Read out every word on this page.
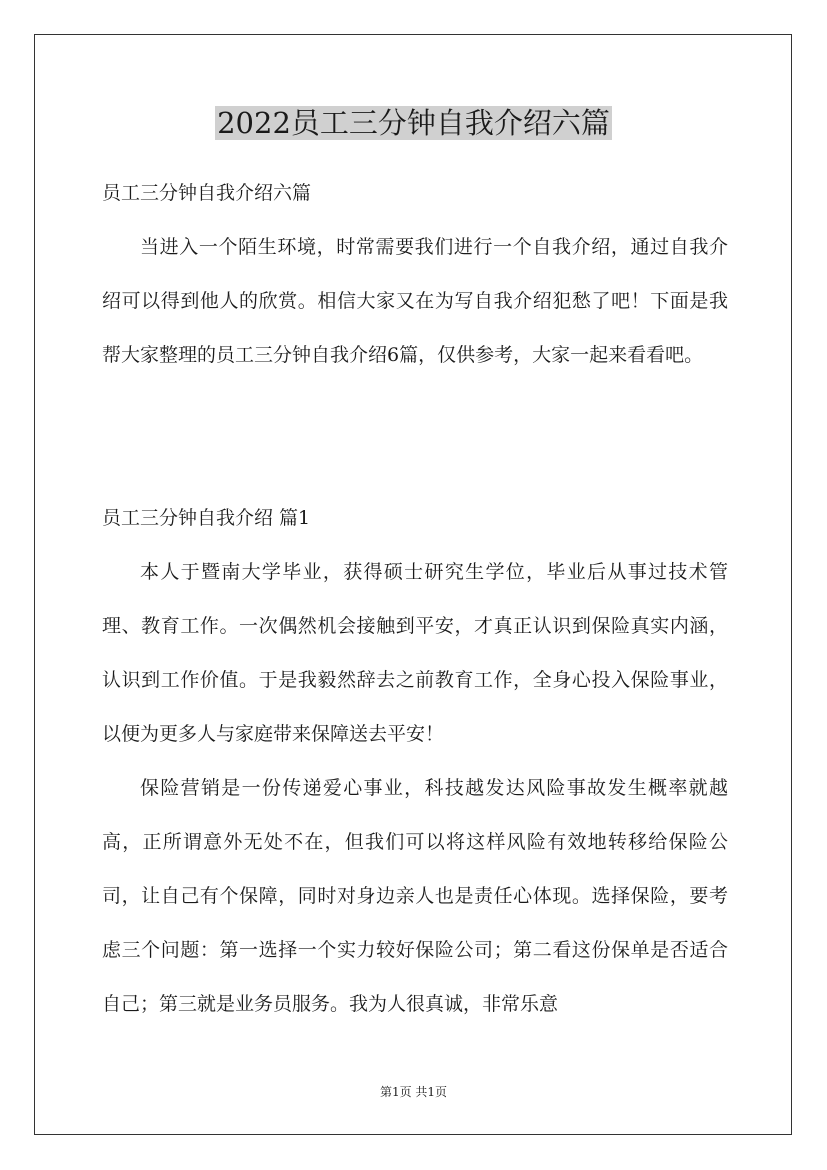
2022员工三分钟自我介绍六篇

员工三分钟自我介绍六篇

当进入一个陌生环境，时常需要我们进行一个自我介绍，通过自我介绍可以得到他人的欣赏。相信大家又在为写自我介绍犯愁了吧！下面是我帮大家整理的员工三分钟自我介绍6篇，仅供参考，大家一起来看看吧。

员工三分钟自我介绍 篇1

本人于暨南大学毕业，获得硕士研究生学位，毕业后从事过技术管理、教育工作。一次偶然机会接触到平安，才真正认识到保险真实内涵，认识到工作价值。于是我毅然辞去之前教育工作，全身心投入保险事业，以便为更多人与家庭带来保障送去平安！

保险营销是一份传递爱心事业，科技越发达风险事故发生概率就越高，正所谓意外无处不在，但我们可以将这样风险有效地转移给保险公司，让自己有个保障，同时对身边亲人也是责任心体现。选择保险，要考虑三个问题：第一选择一个实力较好保险公司；第二看这份保单是否适合自己；第三就是业务员服务。我为人很真诚，非常乐意

第1页 共1页
